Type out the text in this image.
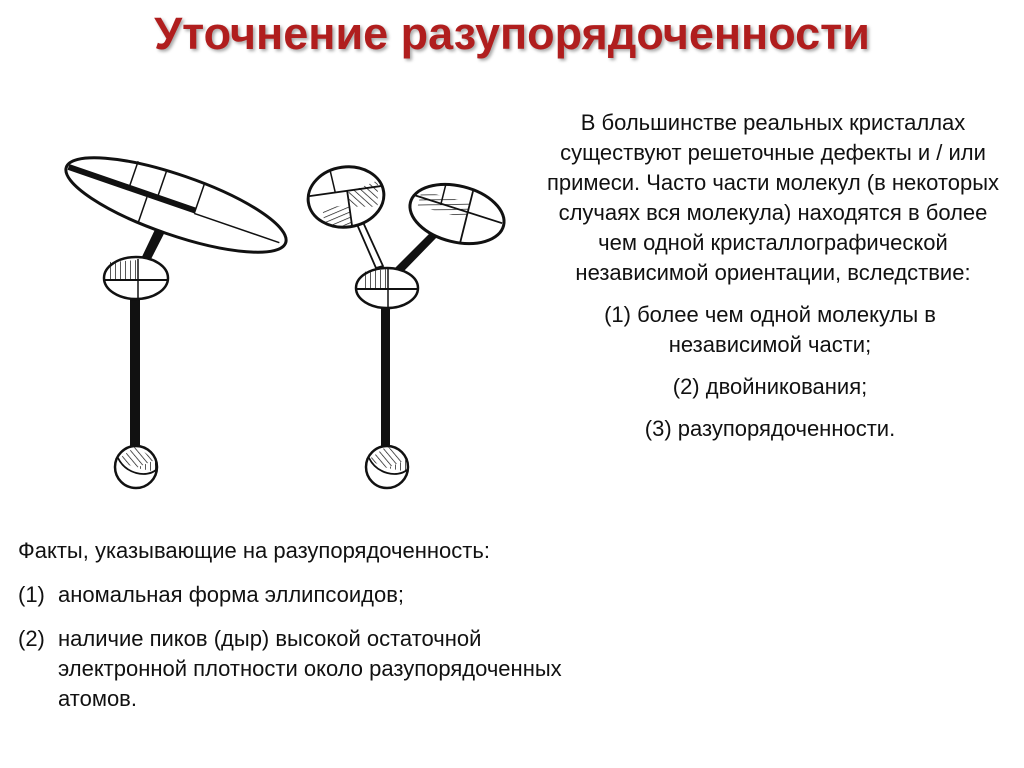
Уточнение разупорядоченности

В большинстве реальных кристаллах существуют решеточные дефекты и / или примеси. Часто части молекул (в некоторых случаях вся молекула) находятся в более чем одной кристаллографической независимой ориентации, вследствие:

(1) более чем одной молекулы в независимой части;

(2) двойникования;

(3) разупорядоченности.

Факты, указывающие на разупорядоченность:

(1) аномальная форма эллипсоидов;

(2) наличие пиков (дыр) высокой остаточной электронной плотности около разупорядоченных атомов.
